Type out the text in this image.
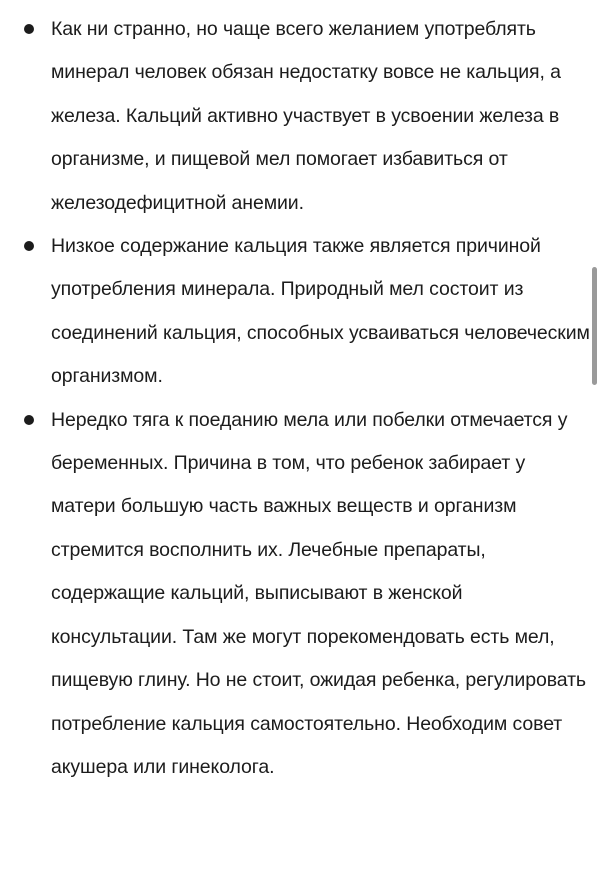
Как ни странно, но чаще всего желанием употреблять минерал человек обязан недостатку вовсе не кальция, а железа. Кальций активно участвует в усвоении железа в организме, и пищевой мел помогает избавиться от железодефицитной анемии.
Низкое содержание кальция также является причиной употребления минерала. Природный мел состоит из соединений кальция, способных усваиваться человеческим организмом.
Нередко тяга к поеданию мела или побелки отмечается у беременных. Причина в том, что ребенок забирает у матери большую часть важных веществ и организм стремится восполнить их. Лечебные препараты, содержащие кальций, выписывают в женской консультации. Там же могут порекомендовать есть мел, пищевую глину. Но не стоит, ожидая ребенка, регулировать потребление кальция самостоятельно. Необходим совет акушера или гинеколога.
